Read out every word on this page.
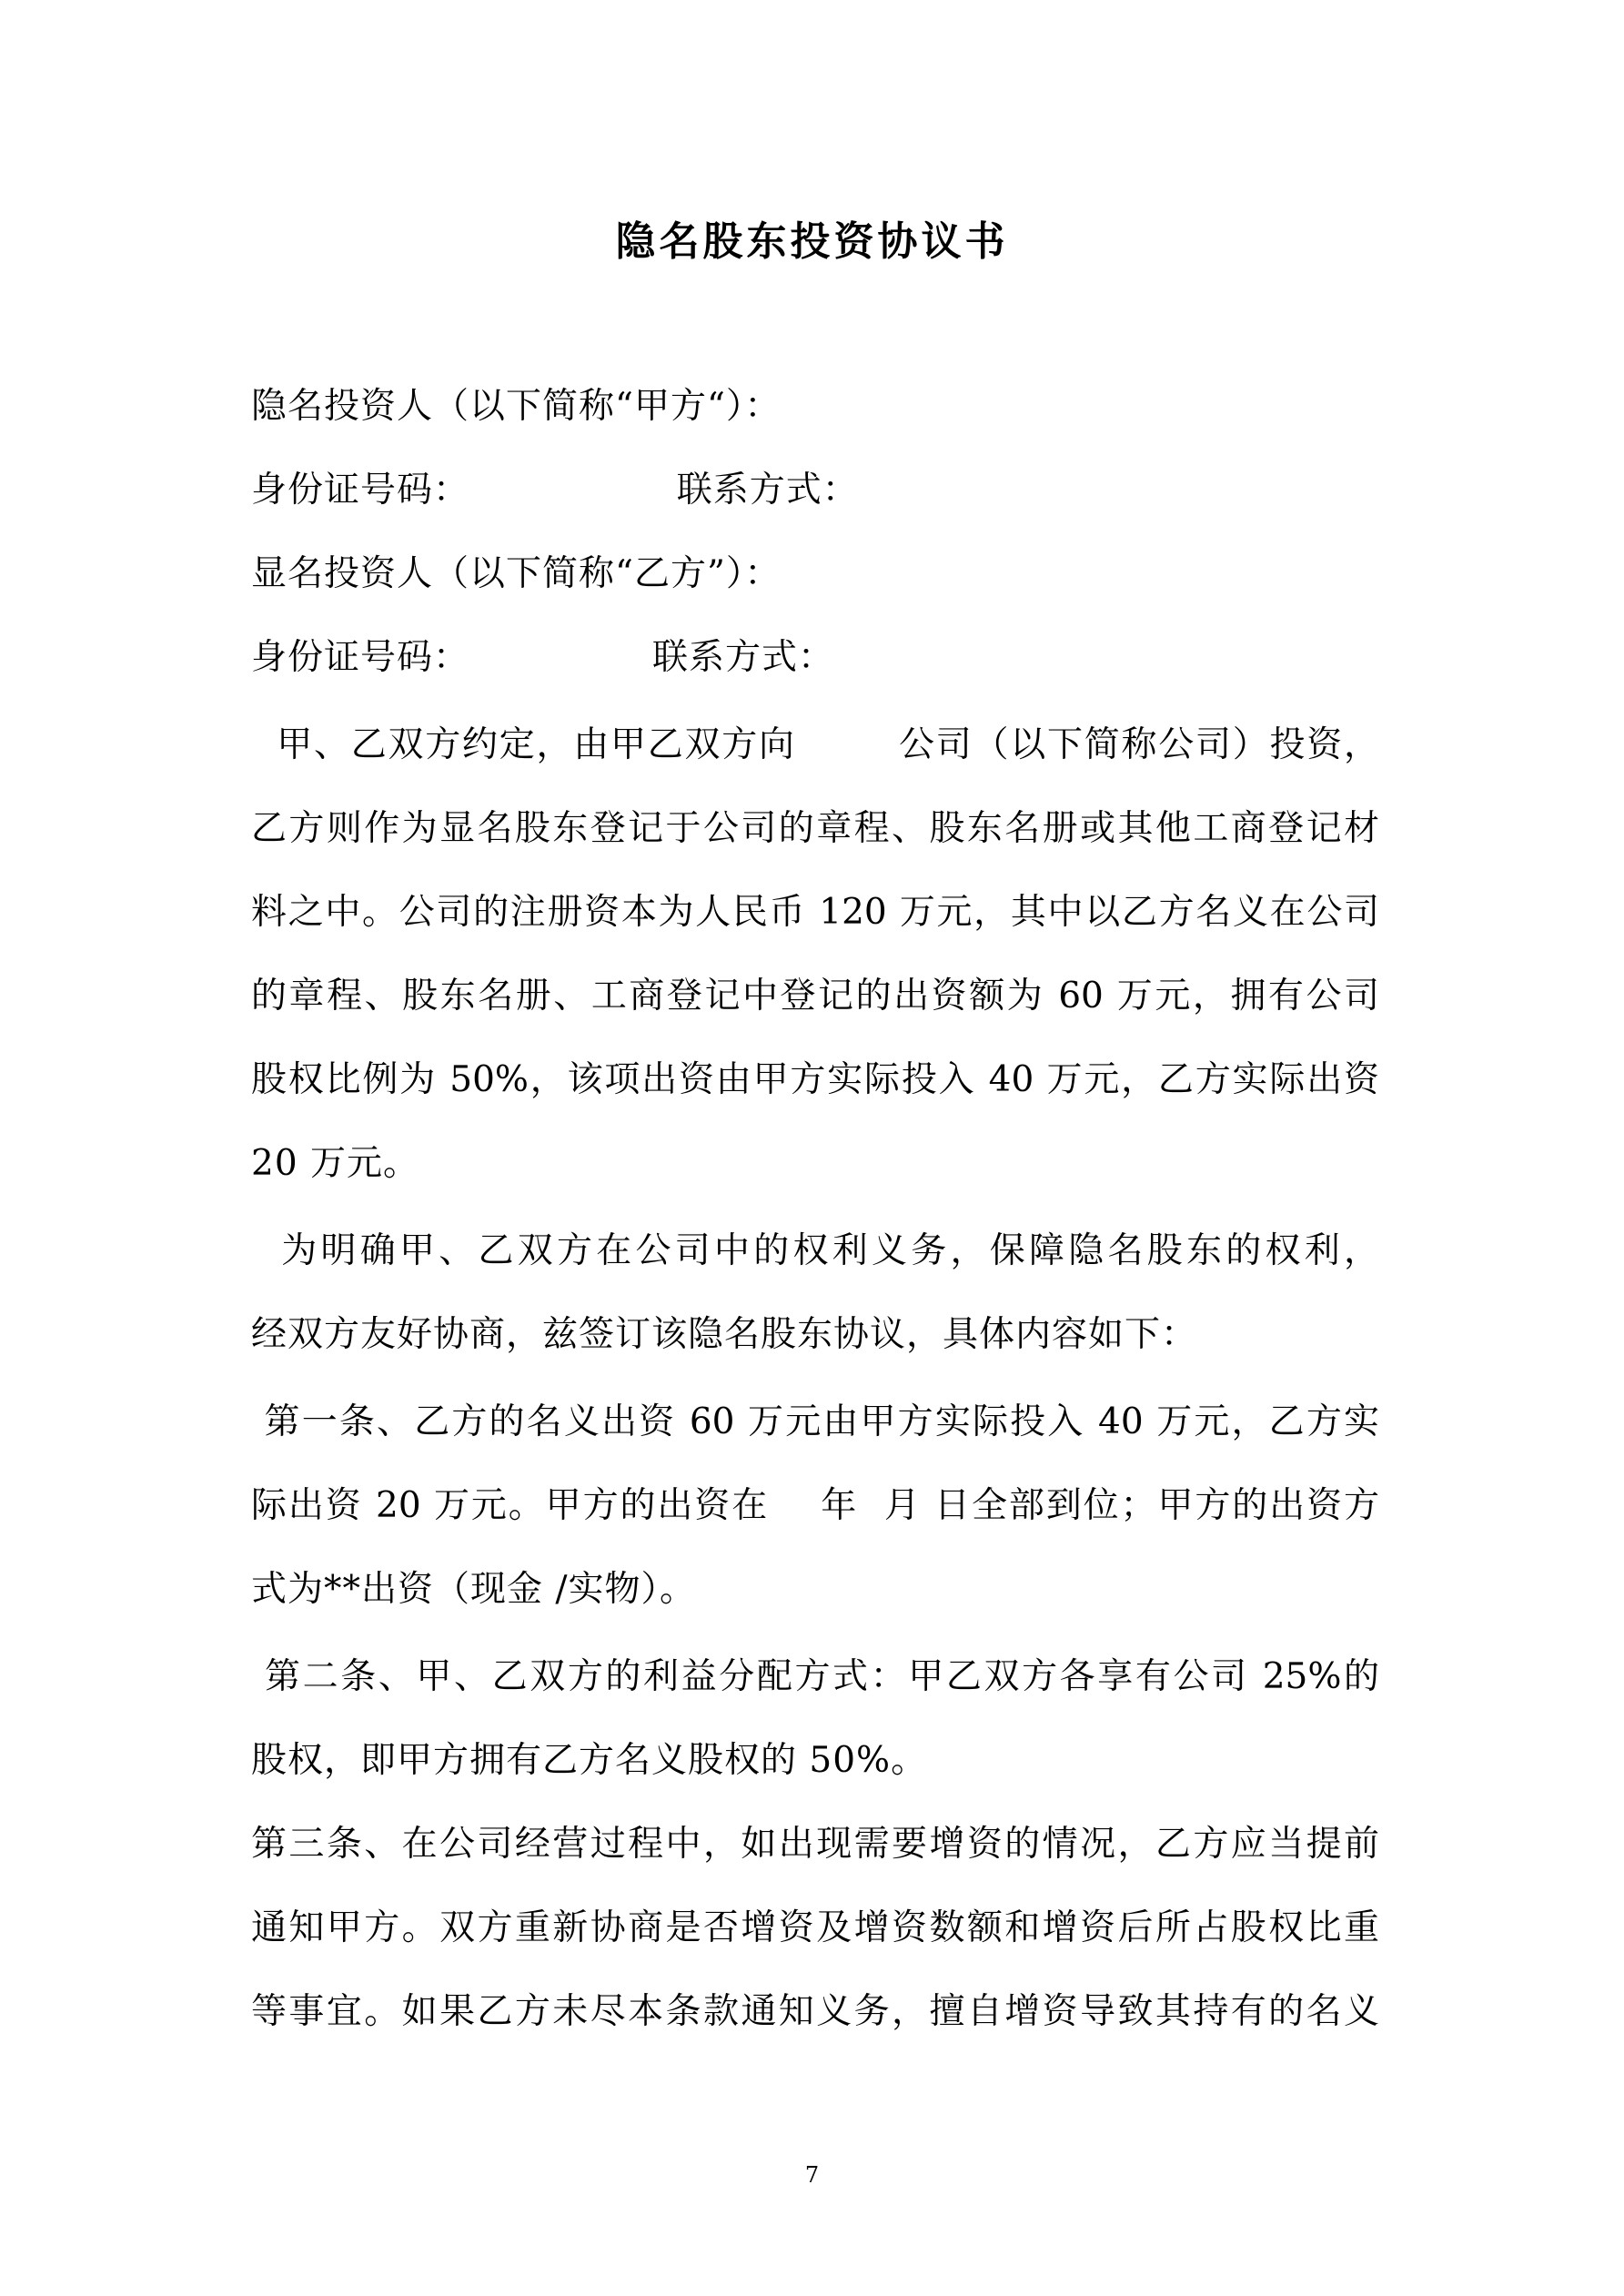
隐名股东投资协议书
隐名投资人（以下简称“甲方“）：
身份证号码：                 联系方式：
显名投资人（以下简称“乙方”）：
身份证号码：               联系方式：
甲、乙双方约定，由甲乙双方向        公司（以下简称公司）投资，
乙方则作为显名股东登记于公司的章程、股东名册或其他工商登记材
料之中。公司的注册资本为人民币 120 万元，其中以乙方名义在公司
的章程、股东名册、工商登记中登记的出资额为 60 万元，拥有公司
股权比例为 50%，该项出资由甲方实际投入 40 万元，乙方实际出资
20 万元。
为明确甲、乙双方在公司中的权利义务，保障隐名股东的权利，
经双方友好协商，兹签订该隐名股东协议，具体内容如下：
第一条、乙方的名义出资 60 万元由甲方实际投入 40 万元，乙方实
际出资 20 万元。甲方的出资在    年  月 日全部到位；甲方的出资方
式为**出资（现金 /实物）。
第二条、甲、乙双方的利益分配方式：甲乙双方各享有公司 25%的
股权，即甲方拥有乙方名义股权的 50%。
第三条、在公司经营过程中，如出现需要增资的情况，乙方应当提前
通知甲方。双方重新协商是否增资及增资数额和增资后所占股权比重
等事宜。如果乙方未尽本条款通知义务，擅自增资导致其持有的名义
7
